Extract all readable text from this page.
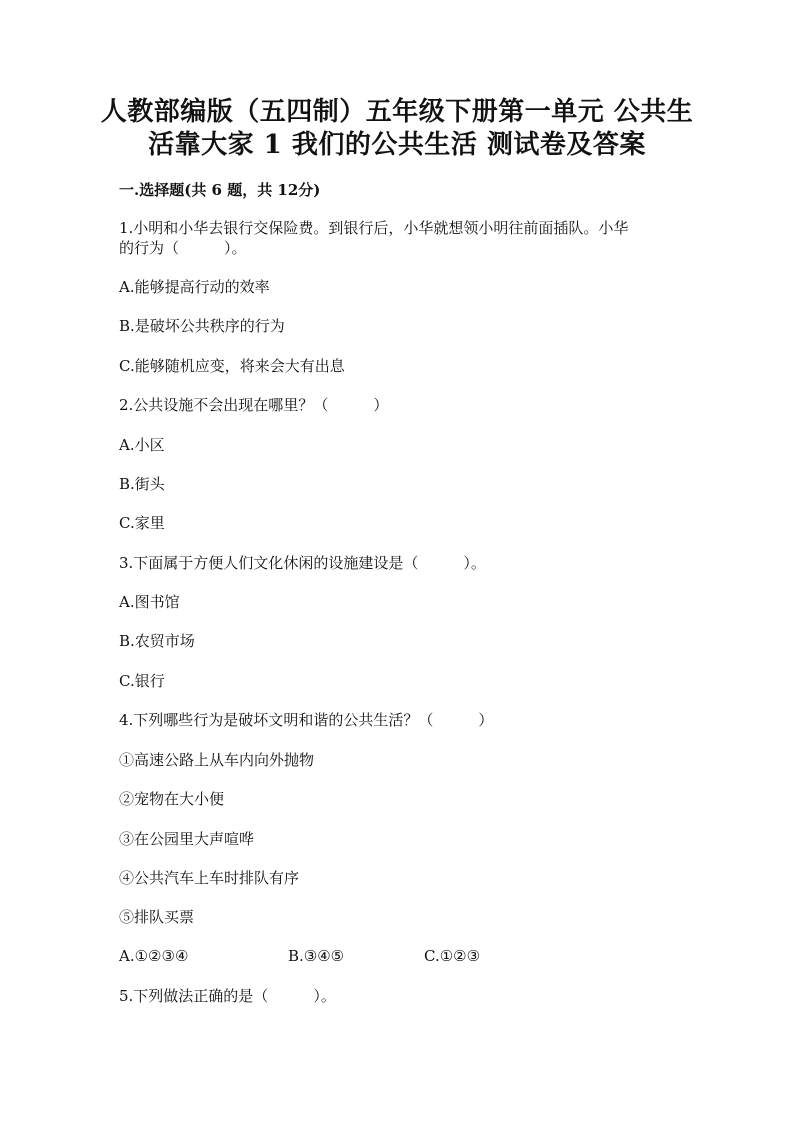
人教部编版（五四制）五年级下册第一单元 公共生
活靠大家 1 我们的公共生活 测试卷及答案
一.选择题(共 6 题，共 12分)
1.小明和小华去银行交保险费。到银行后，小华就想领小明往前面插队。小华
的行为（　　　）。
A.能够提高行动的效率
B.是破坏公共秩序的行为
C.能够随机应变，将来会大有出息
2.公共设施不会出现在哪里？（　　　）
A.小区
B.街头
C.家里
3.下面属于方便人们文化休闲的设施建设是（　　　）。
A.图书馆
B.农贸市场
C.银行
4.下列哪些行为是破坏文明和谐的公共生活？（　　　）
①高速公路上从车内向外抛物
②宠物在大小便
③在公园里大声喧哗
④公共汽车上车时排队有序
⑤排队买票
A.①②③④	B.③④⑤	C.①②③
5.下列做法正确的是（　　　）。
